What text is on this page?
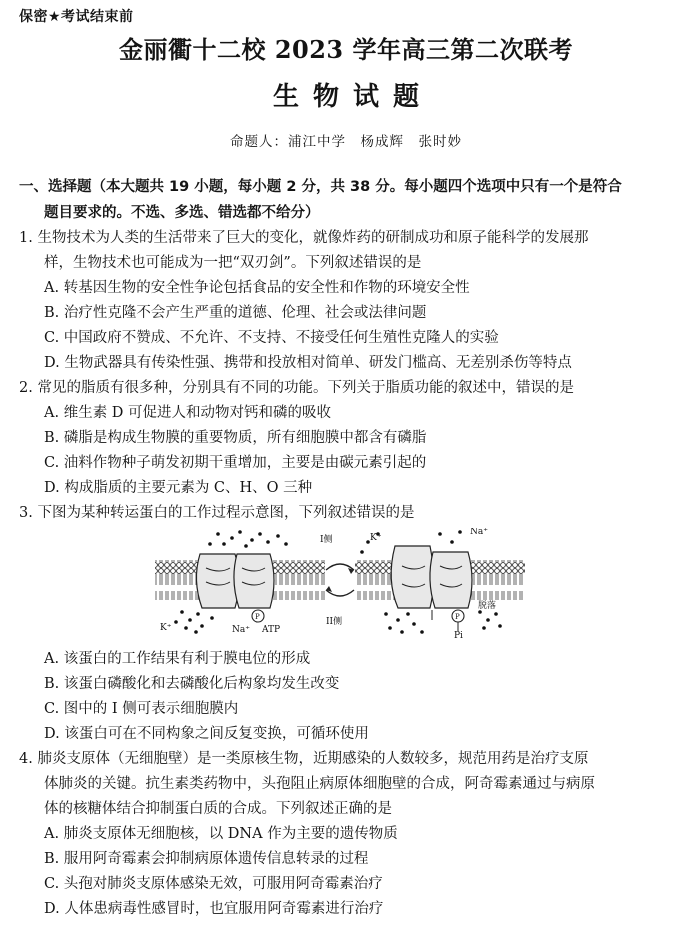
保密★考试结束前
金丽衢十二校 2023 学年高三第二次联考
生物试题
命题人：浦江中学　杨成辉　张时妙
一、选择题（本大题共 19 小题，每小题 2 分，共 38 分。每小题四个选项中只有一个是符合
题目要求的。不选、多选、错选都不给分）
1. 生物技术为人类的生活带来了巨大的变化，就像炸药的研制成功和原子能科学的发展那
样，生物技术也可能成为一把“双刃剑”。下列叙述错误的是
A. 转基因生物的安全性争论包括食品的安全性和作物的环境安全性
B. 治疗性克隆不会产生严重的道德、伦理、社会或法律问题
C. 中国政府不赞成、不允许、不支持、不接受任何生殖性克隆人的实验
D. 生物武器具有传染性强、携带和投放相对简单、研发门槛高、无差别杀伤等特点
2. 常见的脂质有很多种，分别具有不同的功能。下列关于脂质功能的叙述中，错误的是
A. 维生素 D 可促进人和动物对钙和磷的吸收
B. 磷脂是构成生物膜的重要物质，所有细胞膜中都含有磷脂
C. 油料作物种子萌发初期干重增加，主要是由碳元素引起的
D. 构成脂质的主要元素为 C、H、O 三种
3. 下图为某种转运蛋白的工作过程示意图，下列叙述错误的是
I侧
II侧
K⁺	Na⁺ ATP
P
K⁺
Na⁺
P
脱落
Pi
A. 该蛋白的工作结果有利于膜电位的形成
B. 该蛋白磷酸化和去磷酸化后构象均发生改变
C. 图中的 I 侧可表示细胞膜内
D. 该蛋白可在不同构象之间反复变换，可循环使用
4. 肺炎支原体（无细胞壁）是一类原核生物，近期感染的人数较多，规范用药是治疗支原
体肺炎的关键。抗生素类药物中，头孢阻止病原体细胞壁的合成，阿奇霉素通过与病原
体的核糖体结合抑制蛋白质的合成。下列叙述正确的是
A. 肺炎支原体无细胞核，以 DNA 作为主要的遗传物质
B. 服用阿奇霉素会抑制病原体遗传信息转录的过程
C. 头孢对肺炎支原体感染无效，可服用阿奇霉素治疗
D. 人体患病毒性感冒时，也宜服用阿奇霉素进行治疗
